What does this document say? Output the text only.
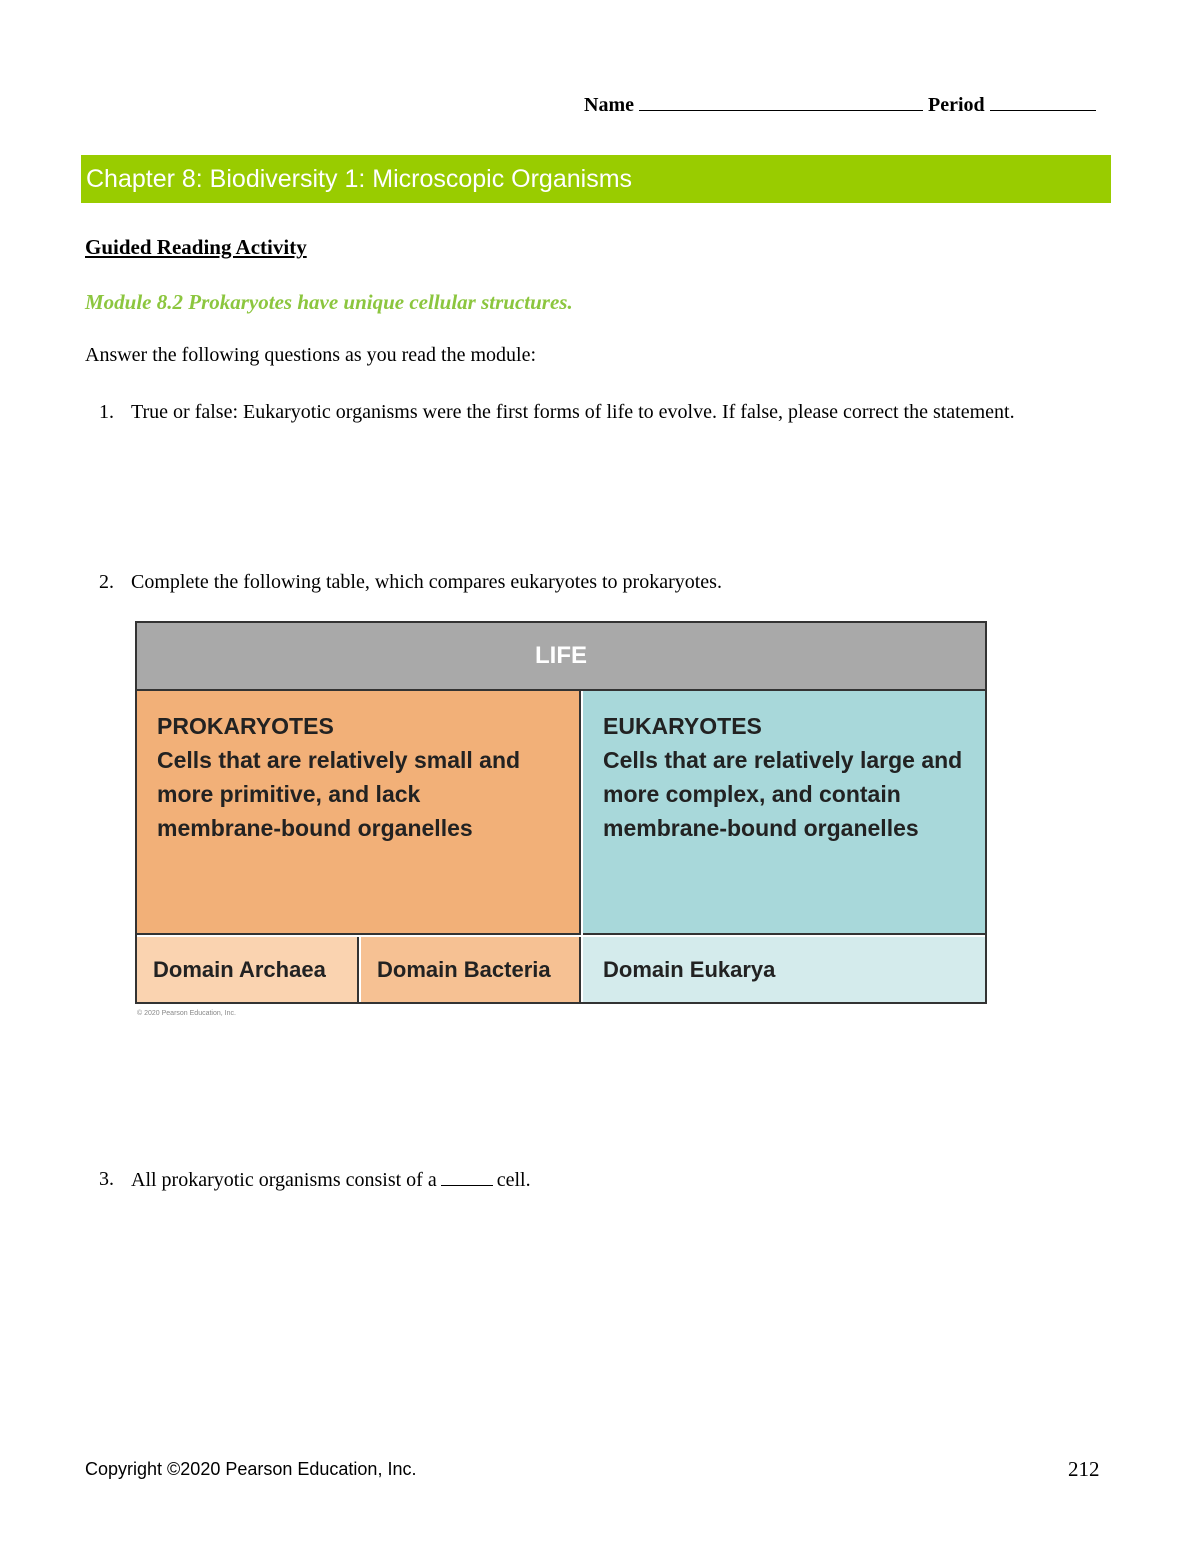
Name	Period
Chapter 8: Biodiversity 1: Microscopic Organisms
Guided Reading Activity
Module 8.2 Prokaryotes have unique cellular structures.
Answer the following questions as you read the module:
1. True or false: Eukaryotic organisms were the first forms of life to evolve. If false, please correct the statement.
2. Complete the following table, which compares eukaryotes to prokaryotes.
LIFE
PROKARYOTES
Cells that are relatively small and more primitive, and lack membrane-bound organelles
EUKARYOTES
Cells that are relatively large and more complex, and contain membrane-bound organelles
Domain Archaea	Domain Bacteria	Domain Eukarya
© 2020 Pearson Education, Inc.
3. All prokaryotic organisms consist of a	cell.
Copyright ©2020 Pearson Education, Inc.	212
